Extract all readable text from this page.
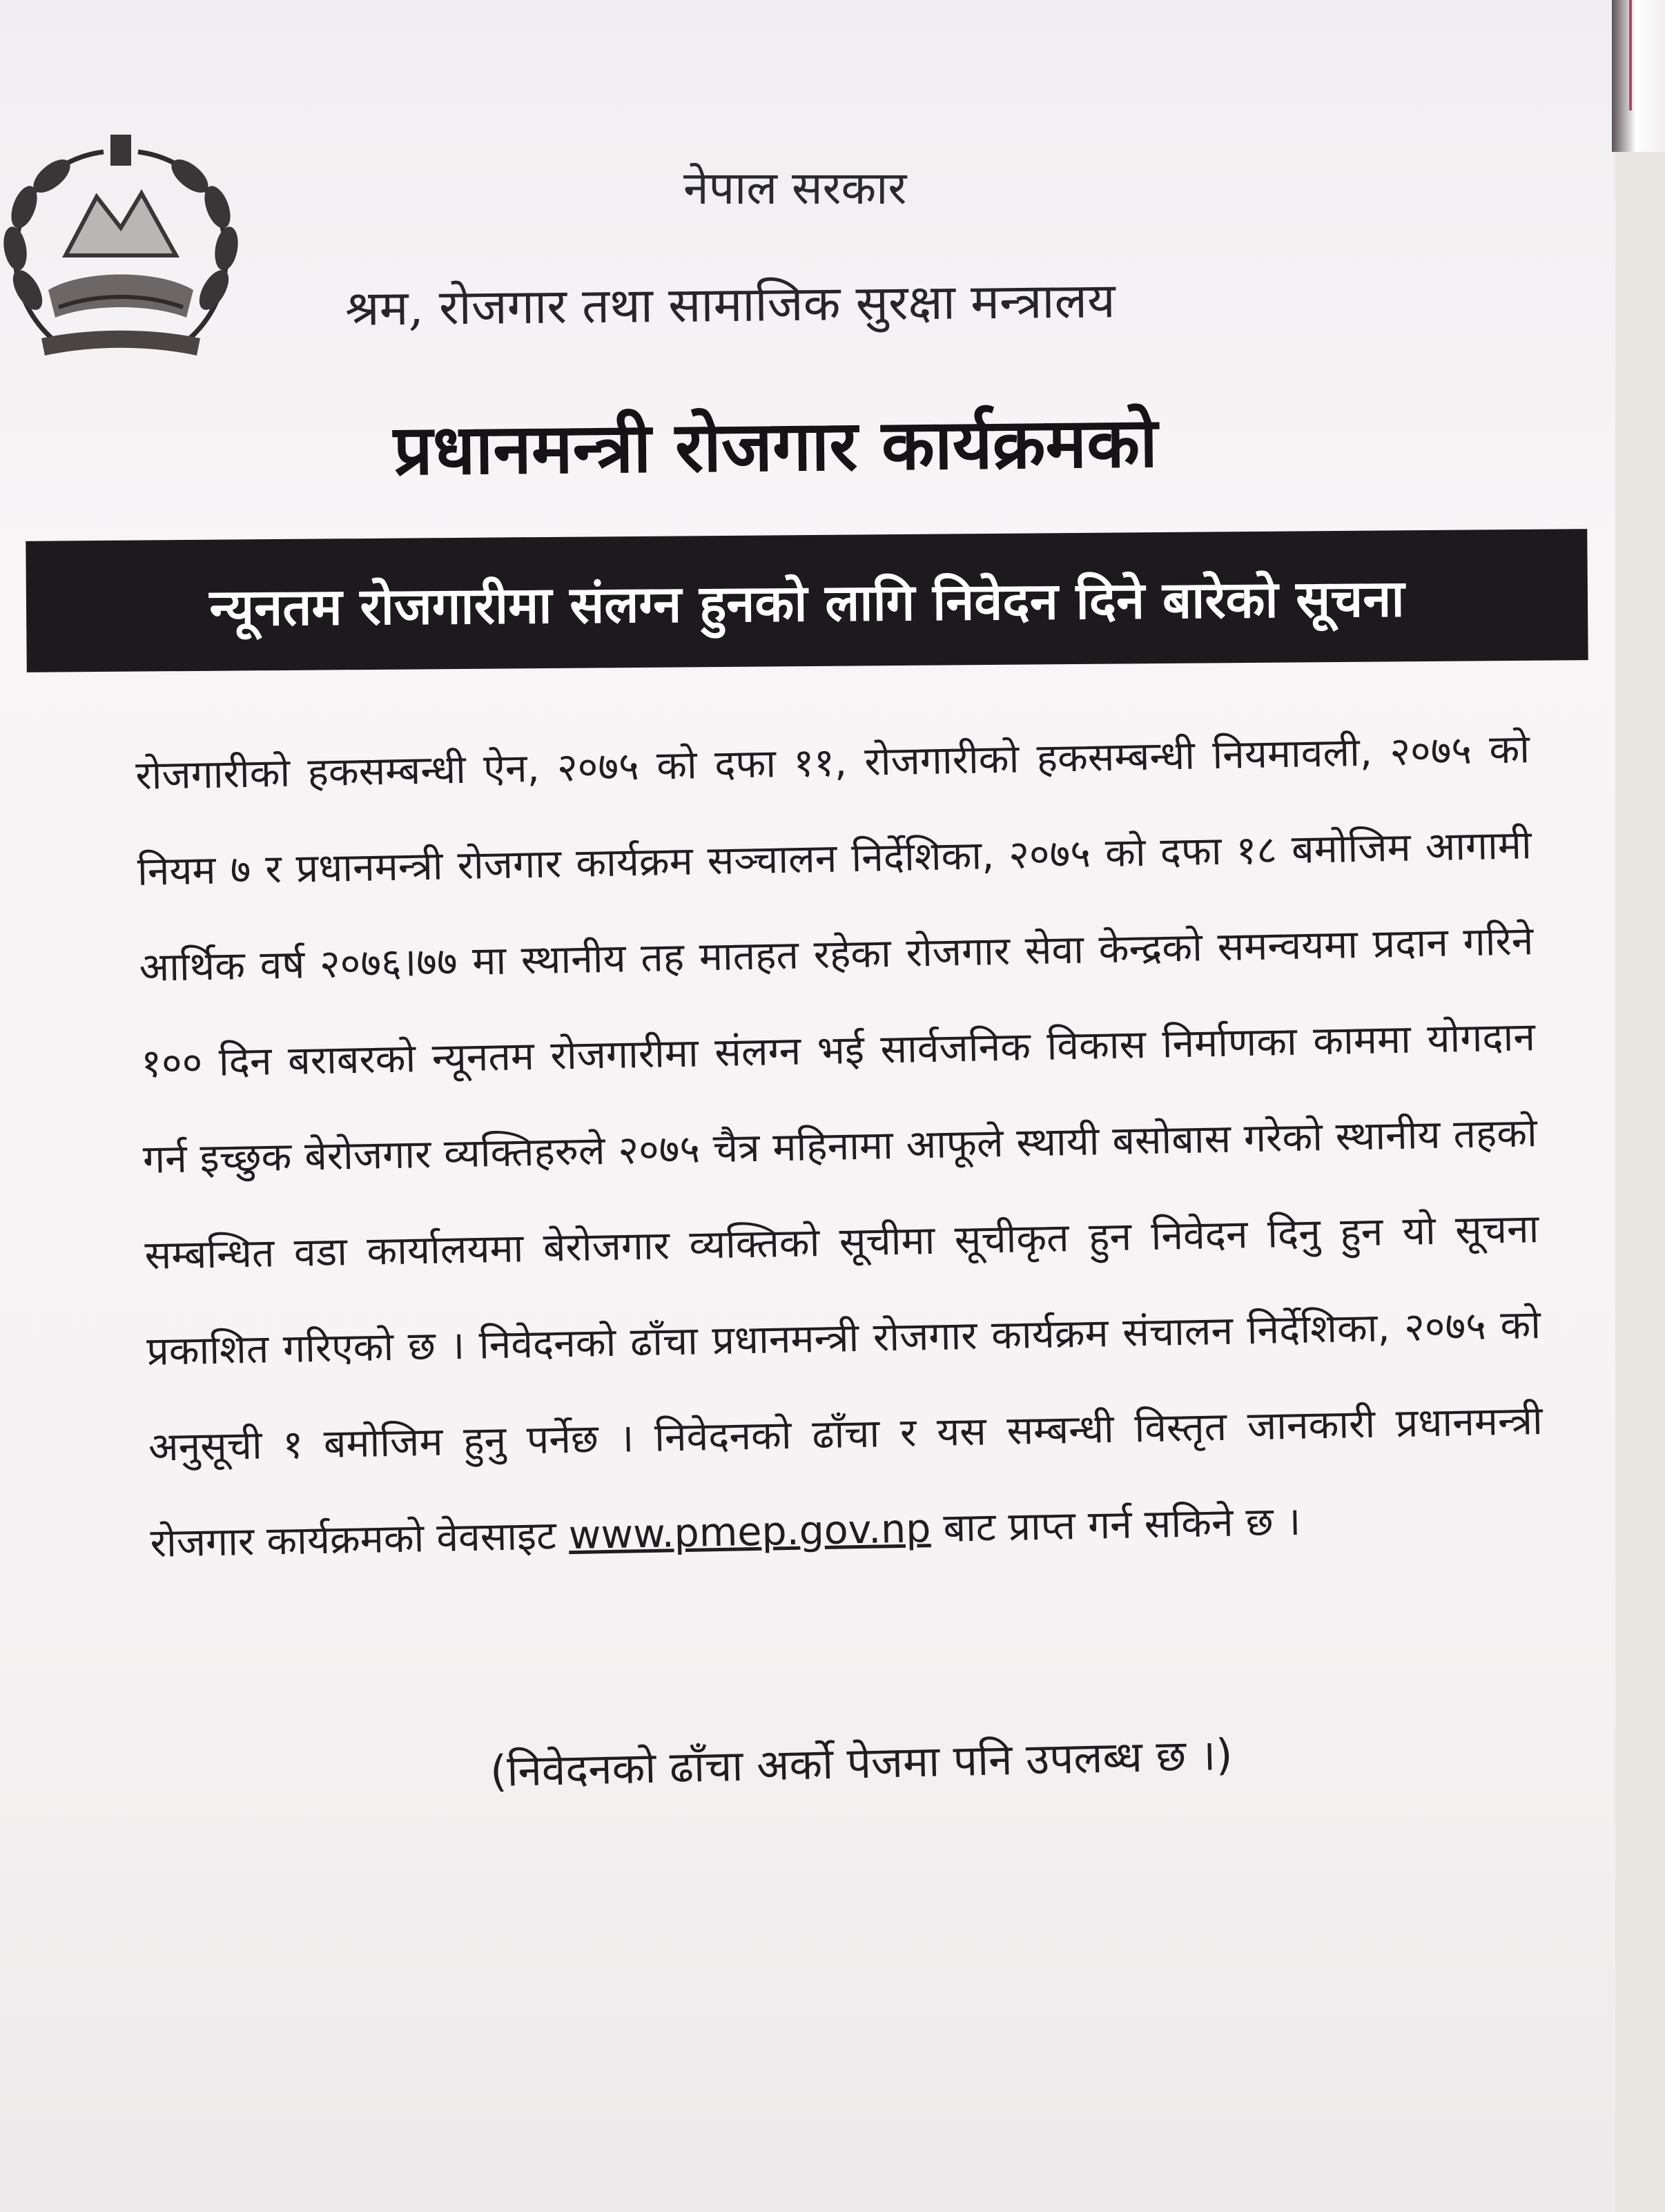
नेपाल सरकार

श्रम, रोजगार तथा सामाजिक सुरक्षा मन्त्रालय

प्रधानमन्त्री रोजगार कार्यक्रमको
न्यूनतम रोजगारीमा संलग्न हुनको लागि निवेदन दिने बारेको सूचना

रोजगारीको हकसम्बन्धी ऐन, २०७५ को दफा ११, रोजगारीको हकसम्बन्धी नियमावली, २०७५ को नियम ७ र प्रधानमन्त्री रोजगार कार्यक्रम सञ्चालन निर्देशिका, २०७५ को दफा १८ बमोजिम आगामी आर्थिक वर्ष २०७६।७७ मा स्थानीय तह मातहत रहेका रोजगार सेवा केन्द्रको समन्वयमा प्रदान गरिने १०० दिन बराबरको न्यूनतम रोजगारीमा संलग्न भई सार्वजनिक विकास निर्माणका काममा योगदान गर्न इच्छुक बेरोजगार व्यक्तिहरुले २०७५ चैत्र महिनामा आफूले स्थायी बसोबास गरेको स्थानीय तहको सम्बन्धित वडा कार्यालयमा बेरोजगार व्यक्तिको सूचीमा सूचीकृत हुन निवेदन दिनु हुन यो सूचना प्रकाशित गरिएको छ । निवेदनको ढाँचा प्रधानमन्त्री रोजगार कार्यक्रम संचालन निर्देशिका, २०७५ को अनुसूची १ बमोजिम हुनु पर्नेछ । निवेदनको ढाँचा र यस सम्बन्धी विस्तृत जानकारी प्रधानमन्त्री रोजगार कार्यक्रमको वेवसाइट www.pmep.gov.np बाट प्राप्त गर्न सकिने छ ।

(निवेदनको ढाँचा अर्को पेजमा पनि उपलब्ध छ ।)
